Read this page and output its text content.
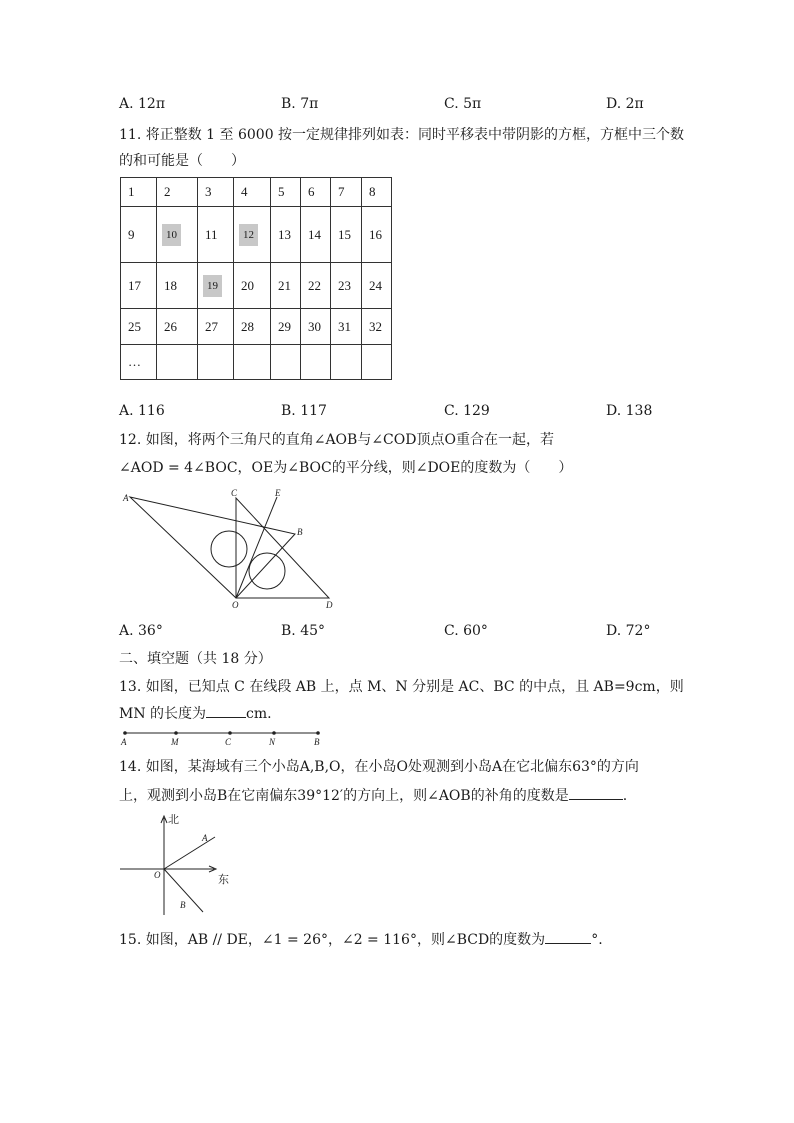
A. 12π	B. 7π	C. 5π	D. 2π
11. 将正整数 1 至 6000 按一定规律排列如表：同时平移表中带阴影的方框，方框中三个数
的和可能是（　　）
1	2	3	4	5	6	7	8
9	10	11	12	13	14	15	16
17	18	19	20	21	22	23	24
25	26	27	28	29	30	31	32
…							
A. 116	B. 117	C. 129	D. 138
12. 如图，将两个三角尺的直角∠AOB与∠COD顶点O重合在一起，若
∠AOD = 4∠BOC，OE为∠BOC的平分线，则∠DOE的度数为（　　）
A	C	E
B
O	D
A. 36°	B. 45°	C. 60°	D. 72°
二、填空题（共 18 分）
13. 如图，已知点 C 在线段 AB 上，点 M、N 分别是 AC、BC 的中点，且 AB=9cm，则
MN 的长度为	cm.
A	M	C	N	B
14. 如图，某海域有三个小岛A,B,O，在小岛O处观测到小岛A在它北偏东63°的方向
上，观测到小岛B在它南偏东39°12′的方向上，则∠AOB的补角的度数是	.
北
东
A
B
O
15. 如图，AB // DE，∠1 = 26°，∠2 = 116°，则∠BCD的度数为	°.
